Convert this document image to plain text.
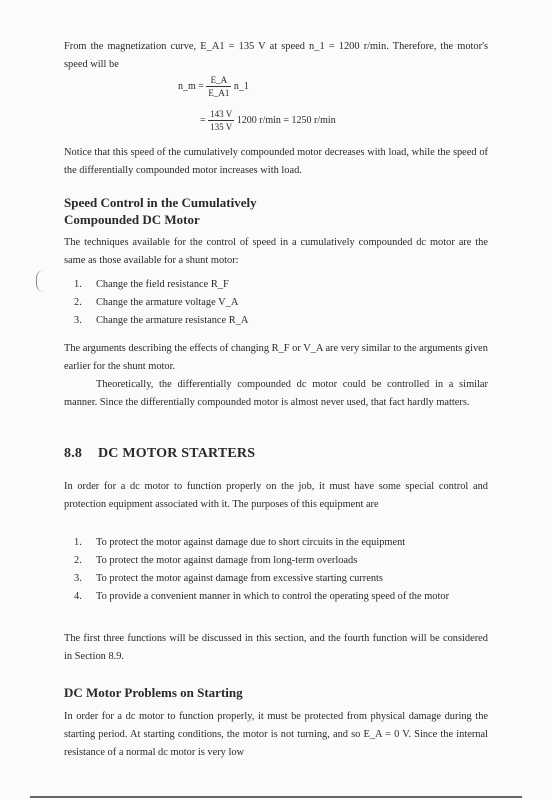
From the magnetization curve, E_A1 = 135 V at speed n_1 = 1200 r/min. Therefore, the motor's speed will be

n_m = $\frac{E\_A}{E\_A1}$ n_1
= $\frac{143 V}{135 V} 1200$ r/min = 1250 r/min

Notice that this speed of the cumulatively compounded motor decreases with load, while the speed of the differentially compounded motor increases with load.

Speed Control in the Cumulatively
Compounded DC Motor

The techniques available for the control of speed in a cumulatively compounded dc motor are the same as those available for a shunt motor:

1.	Change the field resistance R_F
2.	Change the armature voltage V_A
3.	Change the armature resistance R_A

The arguments describing the effects of changing R_F or V_A are very similar to the arguments given earlier for the shunt motor.

Theoretically, the differentially compounded dc motor could be controlled in a similar manner. Since the differentially compounded motor is almost never used, that fact hardly matters.

8.8 DC MOTOR STARTERS

In order for a dc motor to function properly on the job, it must have some special control and protection equipment associated with it. The purposes of this equipment are

1.	To protect the motor against damage due to short circuits in the equipment
2.	To protect the motor against damage from long-term overloads
3.	To protect the motor against damage from excessive starting currents
4.	To provide a convenient manner in which to control the operating speed of the motor

The first three functions will be discussed in this section, and the fourth function will be considered in Section 8.9.

DC Motor Problems on Starting

In order for a dc motor to function properly, it must be protected from physical damage during the starting period. At starting conditions, the motor is not turning, and so E_A = 0 V. Since the internal resistance of a normal dc motor is very low
